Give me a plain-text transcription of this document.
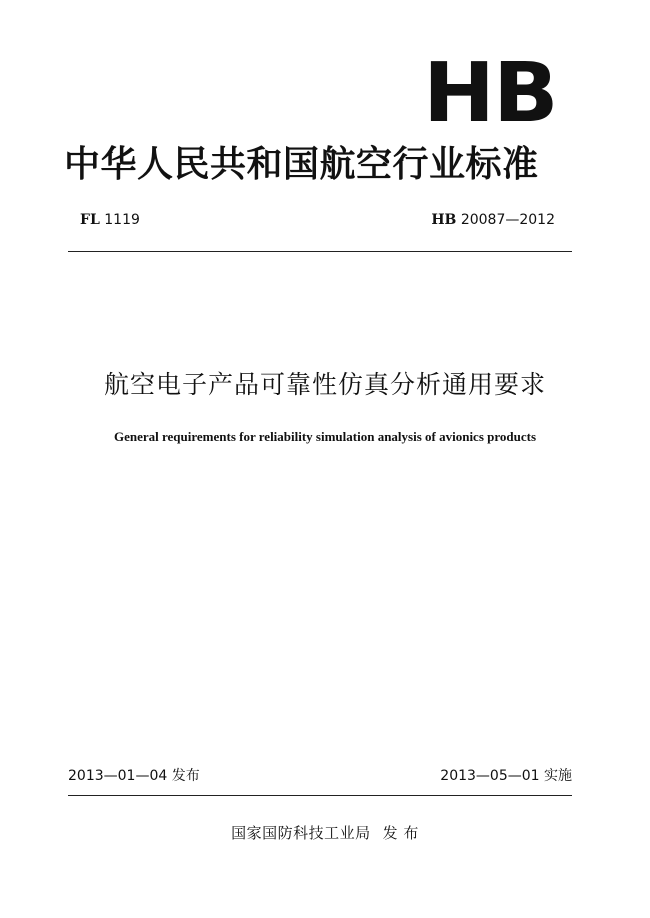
HB
中华人民共和国航空行业标准
FL 1119	HB 20087—2012
航空电子产品可靠性仿真分析通用要求
General requirements for reliability simulation analysis of avionics products
2013—01—04 发布	2013—05—01 实施
国家国防科技工业局 发 布
